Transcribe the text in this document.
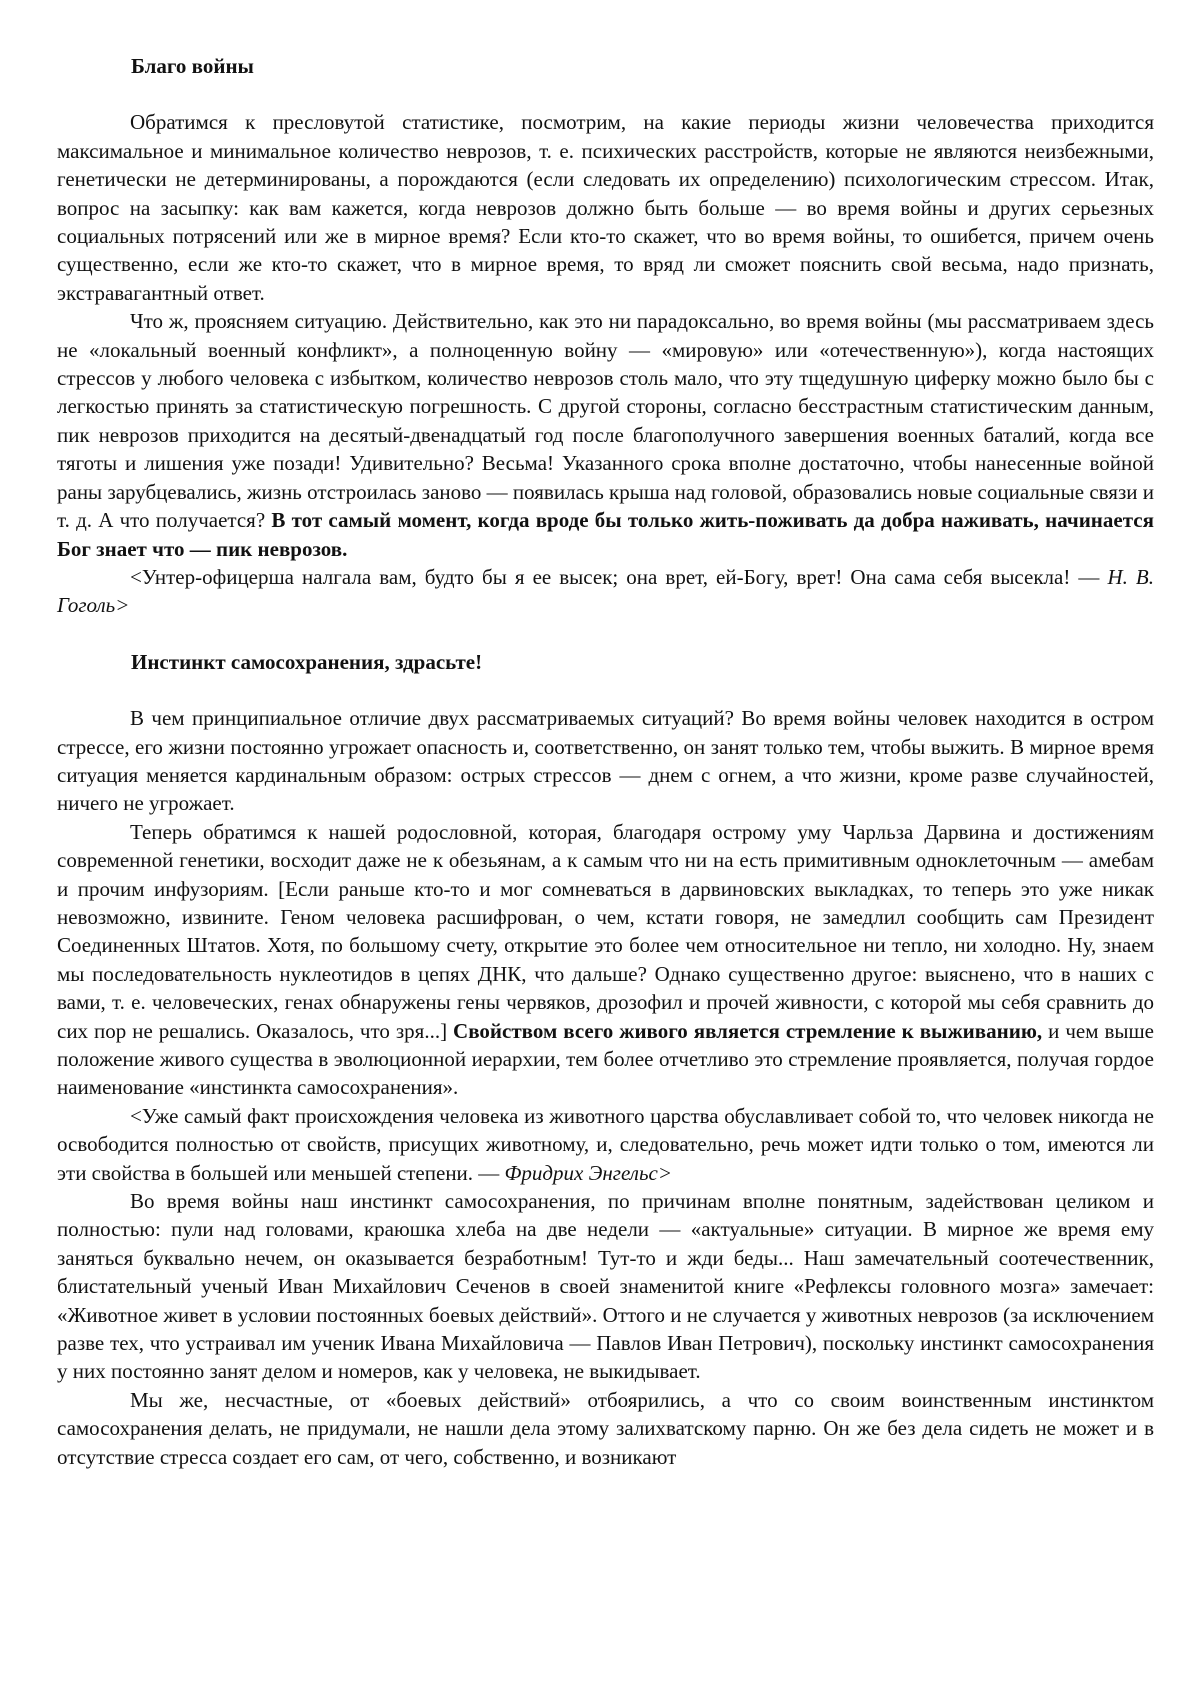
Благо войны

Обратимся к пресловутой статистике, посмотрим, на какие периоды жизни человечества приходится максимальное и минимальное количество неврозов, т. е. психических расстройств, которые не являются неизбежными, генетически не детерминированы, а порождаются (если следовать их определению) психологическим стрессом. Итак, вопрос на засыпку: как вам кажется, когда неврозов должно быть больше — во время войны и других серьезных социальных потрясений или же в мирное время? Если кто-то скажет, что во время войны, то ошибется, причем очень существенно, если же кто-то скажет, что в мирное время, то вряд ли сможет пояснить свой весьма, надо признать, экстравагантный ответ.

Что ж, проясняем ситуацию. Действительно, как это ни парадоксально, во время войны (мы рассматриваем здесь не «локальный военный конфликт», а полноценную войну — «мировую» или «отечественную»), когда настоящих стрессов у любого человека с избытком, количество неврозов столь мало, что эту тщедушную циферку можно было бы с легкостью принять за статистическую погрешность. С другой стороны, согласно бесстрастным статистическим данным, пик неврозов приходится на десятый-двенадцатый год после благополучного завершения военных баталий, когда все тяготы и лишения уже позади! Удивительно? Весьма! Указанного срока вполне достаточно, чтобы нанесенные войной раны зарубцевались, жизнь отстроилась заново — появилась крыша над головой, образовались новые социальные связи и т. д. А что получается? В тот самый момент, когда вроде бы только жить-поживать да добра наживать, начинается Бог знает что — пик неврозов.

<Унтер-офицерша налгала вам, будто бы я ее высек; она врет, ей-Богу, врет! Она сама себя высекла! — Н. В. Гоголь>

Инстинкт самосохранения, здрасьте!

В чем принципиальное отличие двух рассматриваемых ситуаций? Во время войны человек находится в остром стрессе, его жизни постоянно угрожает опасность и, соответственно, он занят только тем, чтобы выжить. В мирное время ситуация меняется кардинальным образом: острых стрессов — днем с огнем, а что жизни, кроме разве случайностей, ничего не угрожает.

Теперь обратимся к нашей родословной, которая, благодаря острому уму Чарльза Дарвина и достижениям современной генетики, восходит даже не к обезьянам, а к самым что ни на есть примитивным одноклеточным — амебам и прочим инфузориям. [Если раньше кто-то и мог сомневаться в дарвиновских выкладках, то теперь это уже никак невозможно, извините. Геном человека расшифрован, о чем, кстати говоря, не замедлил сообщить сам Президент Соединенных Штатов. Хотя, по большому счету, открытие это более чем относительное ни тепло, ни холодно. Ну, знаем мы последовательность нуклеотидов в цепях ДНК, что дальше? Однако существенно другое: выяснено, что в наших с вами, т. е. человеческих, генах обнаружены гены червяков, дрозофил и прочей живности, с которой мы себя сравнить до сих пор не решались. Оказалось, что зря...] Свойством всего живого является стремление к выживанию, и чем выше положение живого существа в эволюционной иерархии, тем более отчетливо это стремление проявляется, получая гордое наименование «инстинкта самосохранения».

<Уже самый факт происхождения человека из животного царства обуславливает собой то, что человек никогда не освободится полностью от свойств, присущих животному, и, следовательно, речь может идти только о том, имеются ли эти свойства в большей или меньшей степени. — Фридрих Энгельс>

Во время войны наш инстинкт самосохранения, по причинам вполне понятным, задействован целиком и полностью: пули над головами, краюшка хлеба на две недели — «актуальные» ситуации. В мирное же время ему заняться буквально нечем, он оказывается безработным! Тут-то и жди беды... Наш замечательный соотечественник, блистательный ученый Иван Михайлович Сеченов в своей знаменитой книге «Рефлексы головного мозга» замечает: «Животное живет в условии постоянных боевых действий». Оттого и не случается у животных неврозов (за исключением разве тех, что устраивал им ученик Ивана Михайловича — Павлов Иван Петрович), поскольку инстинкт самосохранения у них постоянно занят делом и номеров, как у человека, не выкидывает.

Мы же, несчастные, от «боевых действий» отбоярились, а что со своим воинственным инстинктом самосохранения делать, не придумали, не нашли дела этому залихватскому парню. Он же без дела сидеть не может и в отсутствие стресса создает его сам, от чего, собственно, и возникают
